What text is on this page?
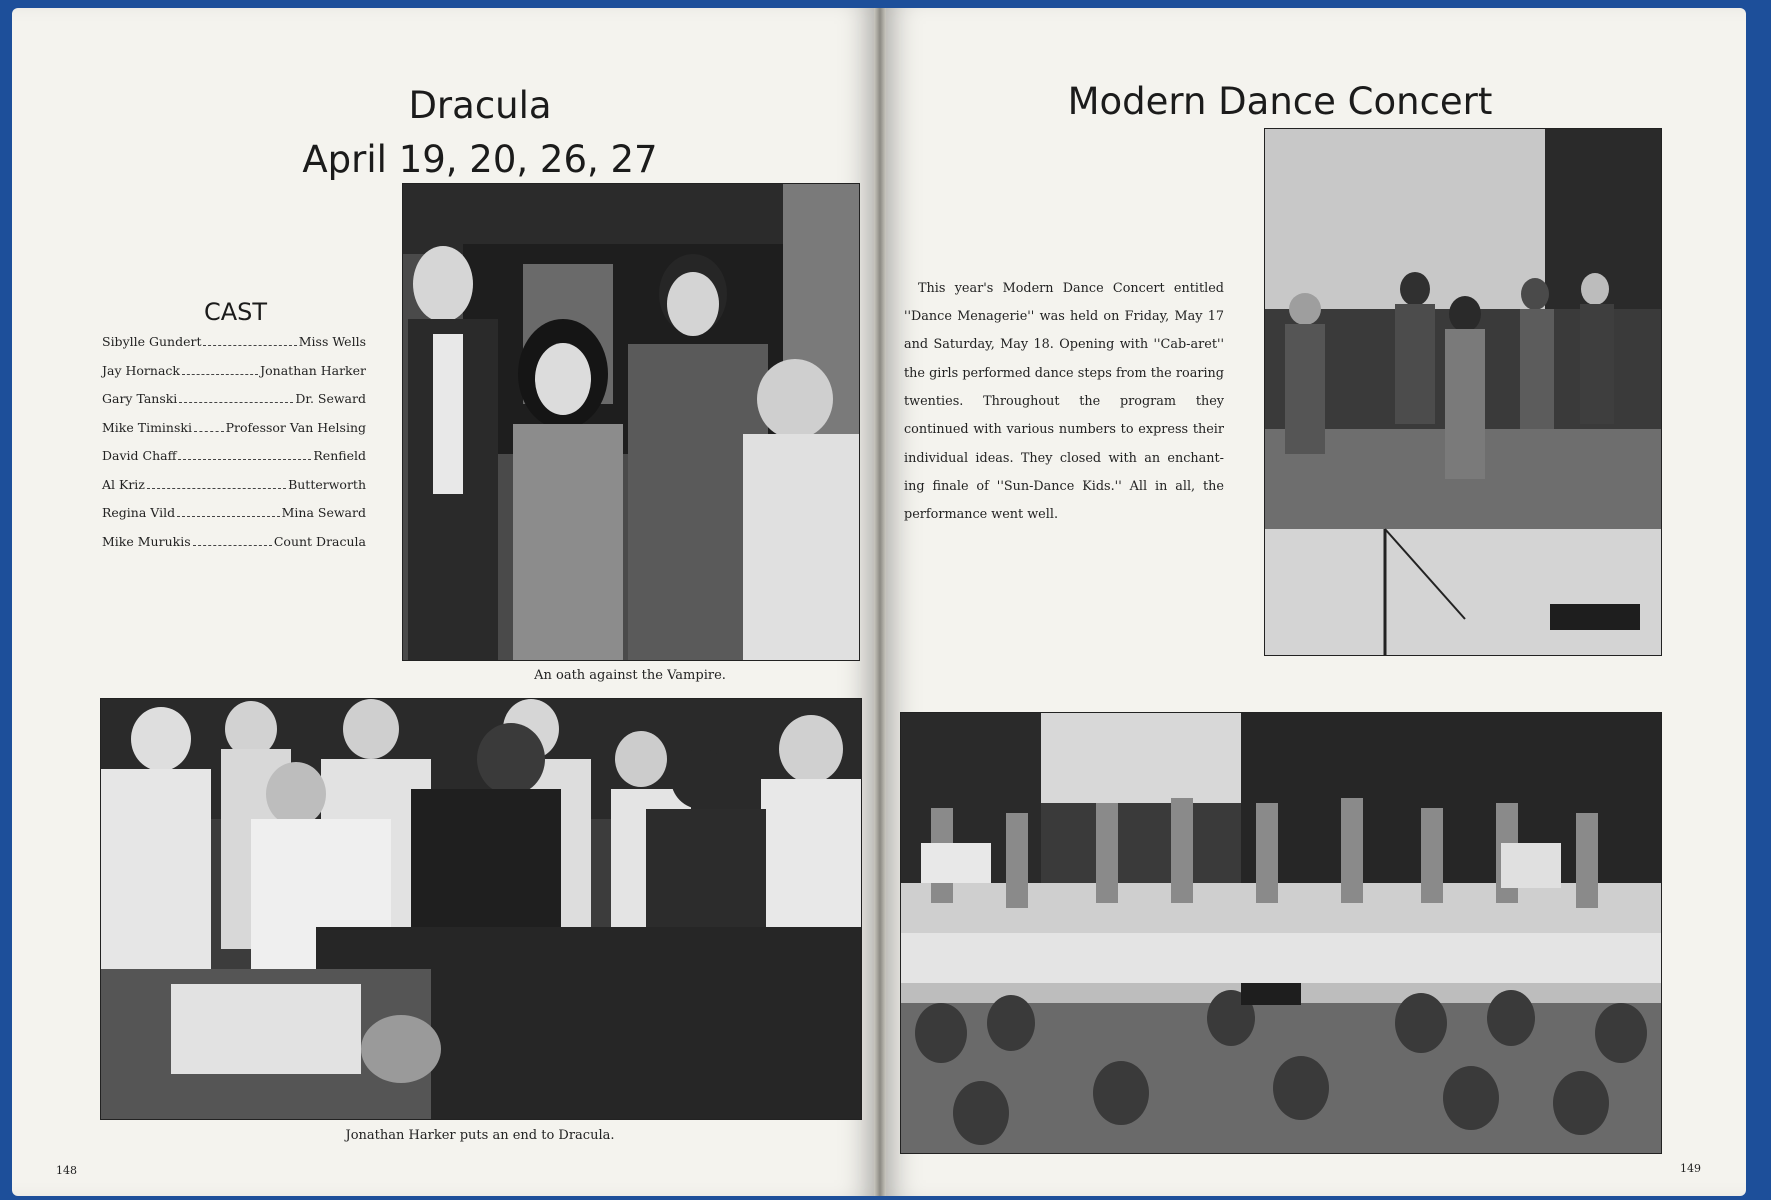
Dracula
April 19, 20, 26, 27
CAST
Sibylle Gundert	Miss Wells
Jay Hornack	Jonathan Harker
Gary Tanski	Dr. Seward
Mike Timinski	Professor Van Helsing
David Chaff	Renfield
Al Kriz	Butterworth
Regina Vild	Mina Seward
Mike Murukis	Count Dracula
An oath against the Vampire.
Jonathan Harker puts an end to Dracula.
148
Modern Dance Concert

This year's Modern Dance Concert entitled ''Dance Menagerie'' was held on Friday, May 17 and Saturday, May 18. Opening with ''Cab-aret'' the girls performed dance steps from the roaring twenties. Throughout the program they continued with various numbers to express their individual ideas. They closed with an enchant-ing finale of ''Sun-Dance Kids.'' All in all, the performance went well.

149
